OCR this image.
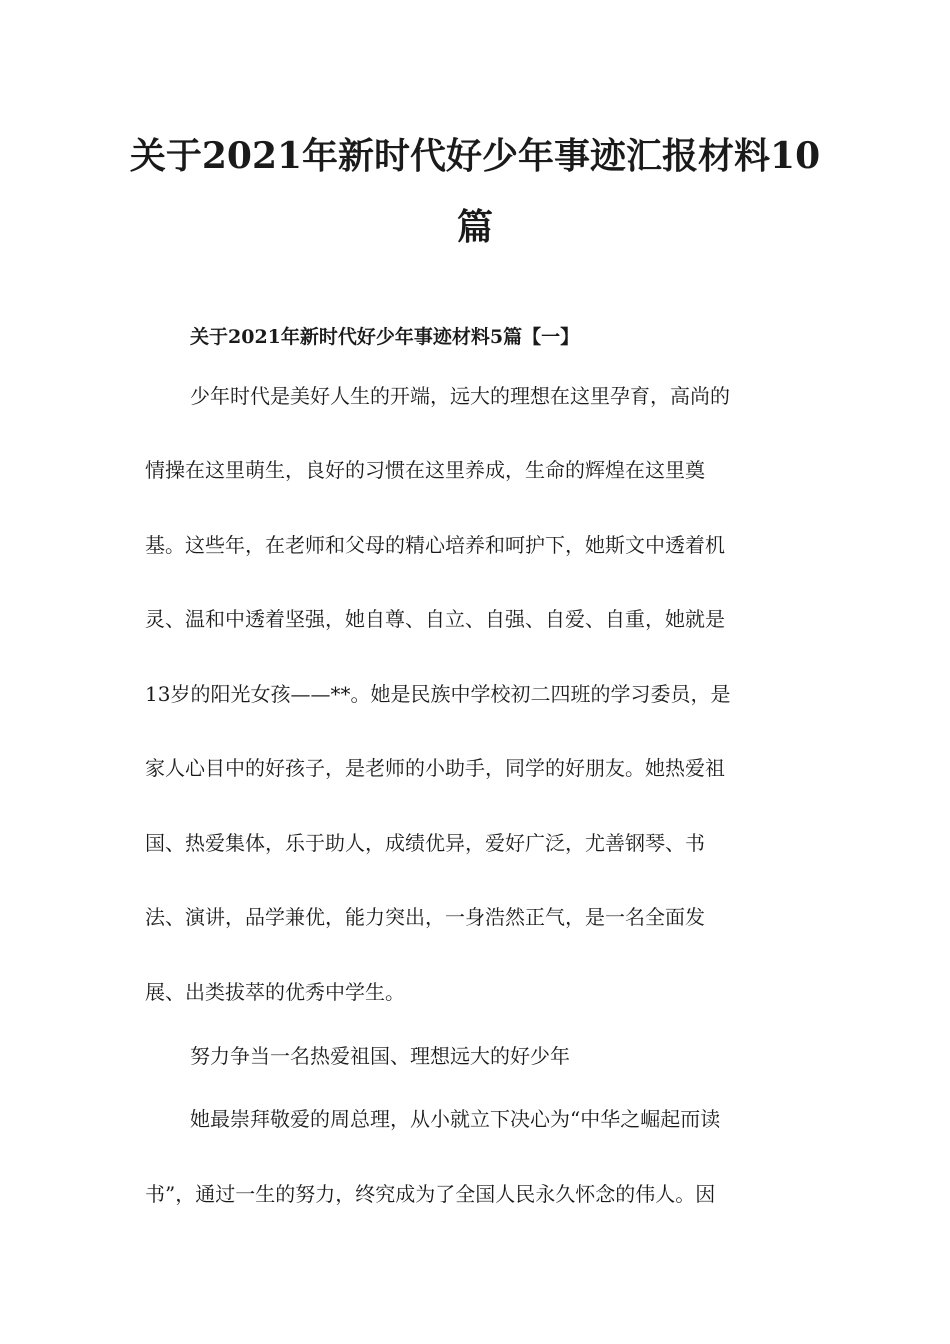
关于2021年新时代好少年事迹汇报材料10
篇
关于2021年新时代好少年事迹材料5篇【一】

少年时代是美好人生的开端，远大的理想在这里孕育，高尚的

情操在这里萌生，良好的习惯在这里养成，生命的辉煌在这里奠

基。这些年，在老师和父母的精心培养和呵护下，她斯文中透着机

灵、温和中透着坚强，她自尊、自立、自强、自爱、自重，她就是

13岁的阳光女孩——**。她是民族中学校初二四班的学习委员，是

家人心目中的好孩子，是老师的小助手，同学的好朋友。她热爱祖

国、热爱集体，乐于助人，成绩优异，爱好广泛，尤善钢琴、书

法、演讲，品学兼优，能力突出，一身浩然正气，是一名全面发

展、出类拔萃的优秀中学生。

努力争当一名热爱祖国、理想远大的好少年

她最崇拜敬爱的周总理，从小就立下决心为“中华之崛起而读

书”，通过一生的努力，终究成为了全国人民永久怀念的伟人。因
